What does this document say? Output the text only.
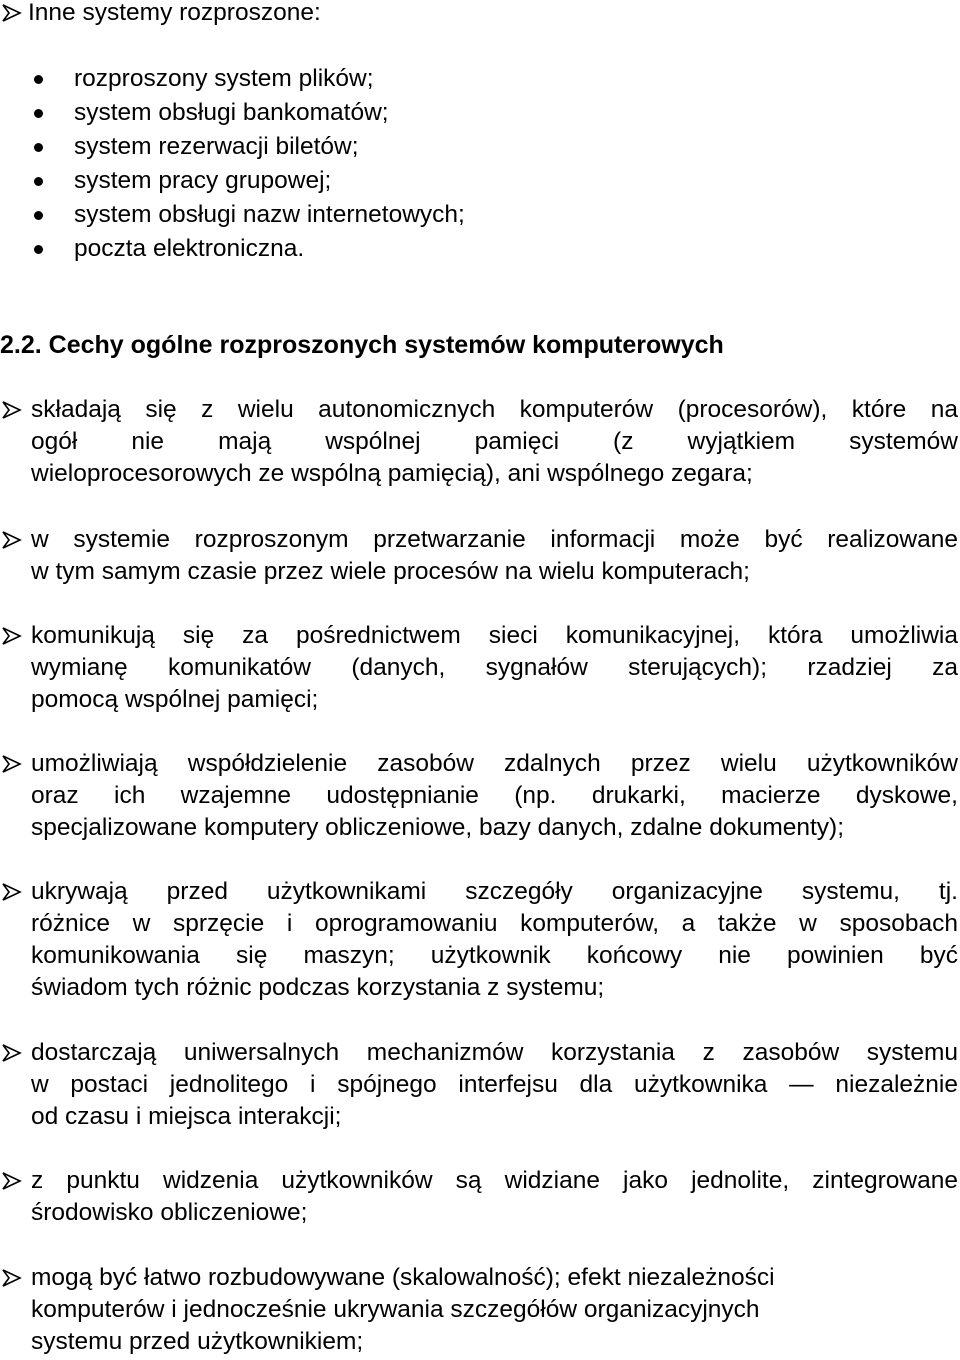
Inne systemy rozproszone:
rozproszony system plików;
system obsługi bankomatów;
system rezerwacji biletów;
system pracy grupowej;
system obsługi nazw internetowych;
poczta elektroniczna.
2.2. Cechy ogólne rozproszonych systemów komputerowych
składają się z wielu autonomicznych komputerów (procesorów), które na
ogół nie mają wspólnej pamięci (z wyjątkiem systemów
wieloprocesorowych ze wspólną pamięcią), ani wspólnego zegara;
w systemie rozproszonym przetwarzanie informacji może być realizowane
w tym samym czasie przez wiele procesów na wielu komputerach;
komunikują się za pośrednictwem sieci komunikacyjnej, która umożliwia
wymianę komunikatów (danych, sygnałów sterujących); rzadziej za
pomocą wspólnej pamięci;
umożliwiają współdzielenie zasobów zdalnych przez wielu użytkowników
oraz ich wzajemne udostępnianie (np. drukarki, macierze dyskowe,
specjalizowane komputery obliczeniowe, bazy danych, zdalne dokumenty);
ukrywają przed użytkownikami szczegóły organizacyjne systemu, tj.
różnice w sprzęcie i oprogramowaniu komputerów, a także w sposobach
komunikowania się maszyn; użytkownik końcowy nie powinien być
świadom tych różnic podczas korzystania z systemu;
dostarczają uniwersalnych mechanizmów korzystania z zasobów systemu
w postaci jednolitego i spójnego interfejsu dla użytkownika — niezależnie
od czasu i miejsca interakcji;
z punktu widzenia użytkowników są widziane jako jednolite, zintegrowane
środowisko obliczeniowe;
mogą być łatwo rozbudowywane (skalowalność); efekt niezależności
komputerów i jednocześnie ukrywania szczegółów organizacyjnych
systemu przed użytkownikiem;
